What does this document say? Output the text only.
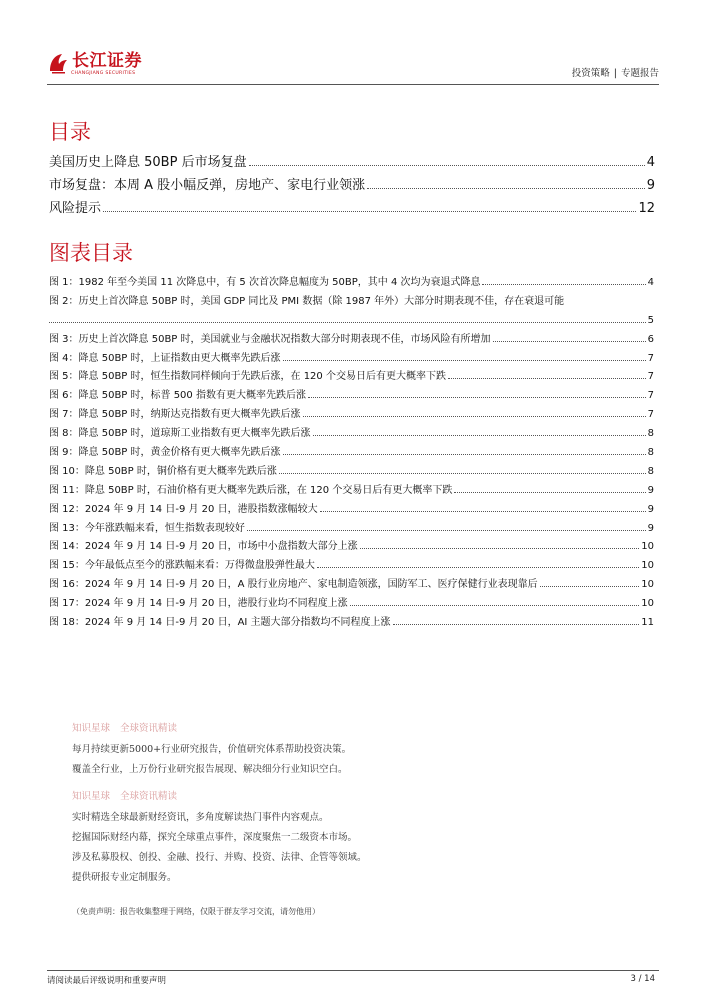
长江证券
CHANGJIANG SECURITIES	投资策略 | 专题报告
目录
美国历史上降息 50BP 后市场复盘	4
市场复盘：本周 A 股小幅反弹，房地产、家电行业领涨	9
风险提示	12
图表目录
图 1：1982 年至今美国 11 次降息中，有 5 次首次降息幅度为 50BP，其中 4 次均为衰退式降息	4
图 2：历史上首次降息 50BP 时，美国 GDP 同比及 PMI 数据（除 1987 年外）大部分时期表现不佳，存在衰退可能
5
图 3：历史上首次降息 50BP 时，美国就业与金融状况指数大部分时期表现不佳，市场风险有所增加	6
图 4：降息 50BP 时，上证指数由更大概率先跌后涨	7
图 5：降息 50BP 时，恒生指数同样倾向于先跌后涨，在 120 个交易日后有更大概率下跌	7
图 6：降息 50BP 时，标普 500 指数有更大概率先跌后涨	7
图 7：降息 50BP 时，纳斯达克指数有更大概率先跌后涨	7
图 8：降息 50BP 时，道琼斯工业指数有更大概率先跌后涨	8
图 9：降息 50BP 时，黄金价格有更大概率先跌后涨	8
图 10：降息 50BP 时，铜价格有更大概率先跌后涨	8
图 11：降息 50BP 时，石油价格有更大概率先跌后涨，在 120 个交易日后有更大概率下跌	9
图 12：2024 年 9 月 14 日-9 月 20 日，港股指数涨幅较大	9
图 13：今年涨跌幅来看，恒生指数表现较好	9
图 14：2024 年 9 月 14 日-9 月 20 日，市场中小盘指数大部分上涨	10
图 15：今年最低点至今的涨跌幅来看：万得微盘股弹性最大	10
图 16：2024 年 9 月 14 日-9 月 20 日，A 股行业房地产、家电制造领涨，国防军工、医疗保健行业表现靠后	10
图 17：2024 年 9 月 14 日-9 月 20 日，港股行业均不同程度上涨	10
图 18：2024 年 9 月 14 日-9 月 20 日，AI 主题大部分指数均不同程度上涨	11
知识星球 全球资讯精读
每月持续更新5000+行业研究报告，价值研究体系帮助投资决策。
覆盖全行业，上万份行业研究报告展现、解决细分行业知识空白。
知识星球 全球资讯精读
实时精选全球最新财经资讯，多角度解读热门事件内容观点。
挖掘国际财经内幕，探究全球重点事件，深度聚焦一二级资本市场。
涉及私募股权、创投、金融、投行、并购、投资、法律、企管等领域。
提供研报专业定制服务。
（免责声明：报告收集整理于网络，仅限于群友学习交流，请勿他用）
请阅读最后评级说明和重要声明	3 / 14
